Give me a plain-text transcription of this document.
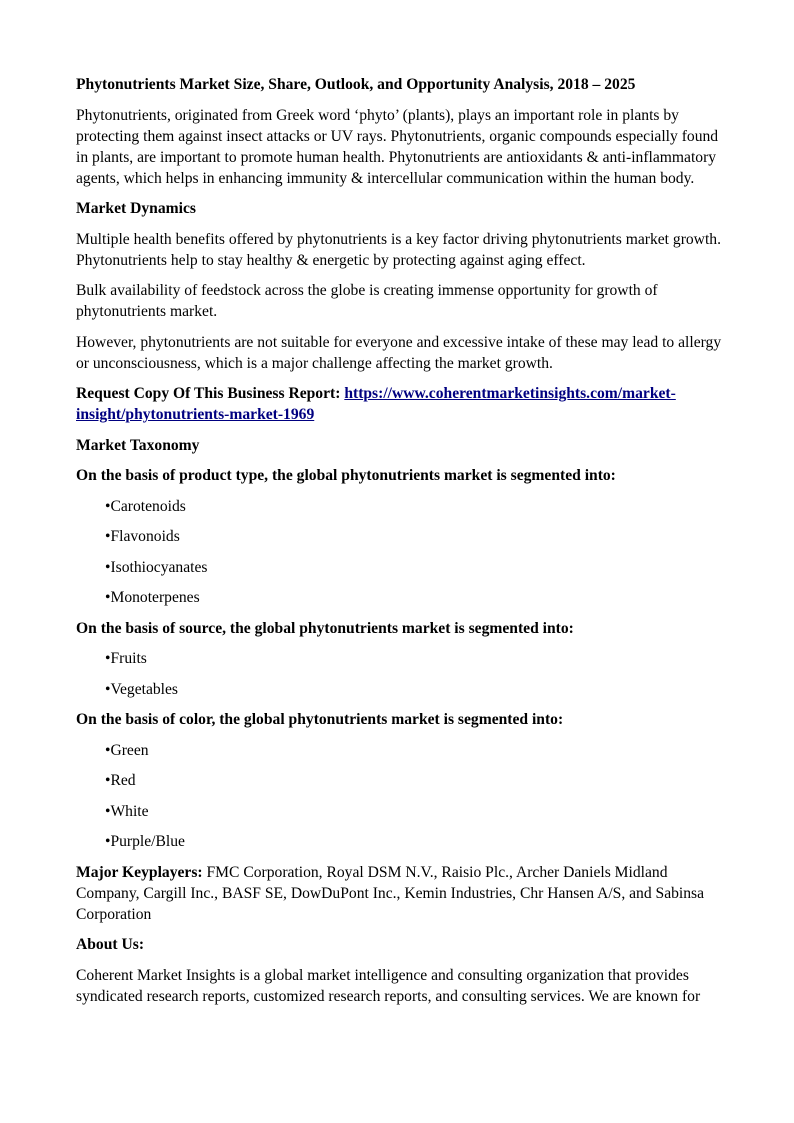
Phytonutrients Market Size, Share, Outlook, and Opportunity Analysis, 2018 – 2025

Phytonutrients, originated from Greek word ‘phyto’ (plants), plays an important role in plants by protecting them against insect attacks or UV rays. Phytonutrients, organic compounds especially found in plants, are important to promote human health. Phytonutrients are antioxidants & anti-inflammatory agents, which helps in enhancing immunity & intercellular communication within the human body.

Market Dynamics

Multiple health benefits offered by phytonutrients is a key factor driving phytonutrients market growth. Phytonutrients help to stay healthy & energetic by protecting against aging effect.

Bulk availability of feedstock across the globe is creating immense opportunity for growth of phytonutrients market.

However, phytonutrients are not suitable for everyone and excessive intake of these may lead to allergy or unconsciousness, which is a major challenge affecting the market growth.

Request Copy Of This Business Report: https://www.coherentmarketinsights.com/market-insight/phytonutrients-market-1969

Market Taxonomy

On the basis of product type, the global phytonutrients market is segmented into:

•Carotenoids

•Flavonoids

•Isothiocyanates

•Monoterpenes

On the basis of source, the global phytonutrients market is segmented into:

•Fruits

•Vegetables

On the basis of color, the global phytonutrients market is segmented into:

•Green

•Red

•White

•Purple/Blue

Major Keyplayers: FMC Corporation, Royal DSM N.V., Raisio Plc., Archer Daniels Midland Company, Cargill Inc., BASF SE, DowDuPont Inc., Kemin Industries, Chr Hansen A/S, and Sabinsa Corporation

About Us:

Coherent Market Insights is a global market intelligence and consulting organization that provides syndicated research reports, customized research reports, and consulting services. We are known for
